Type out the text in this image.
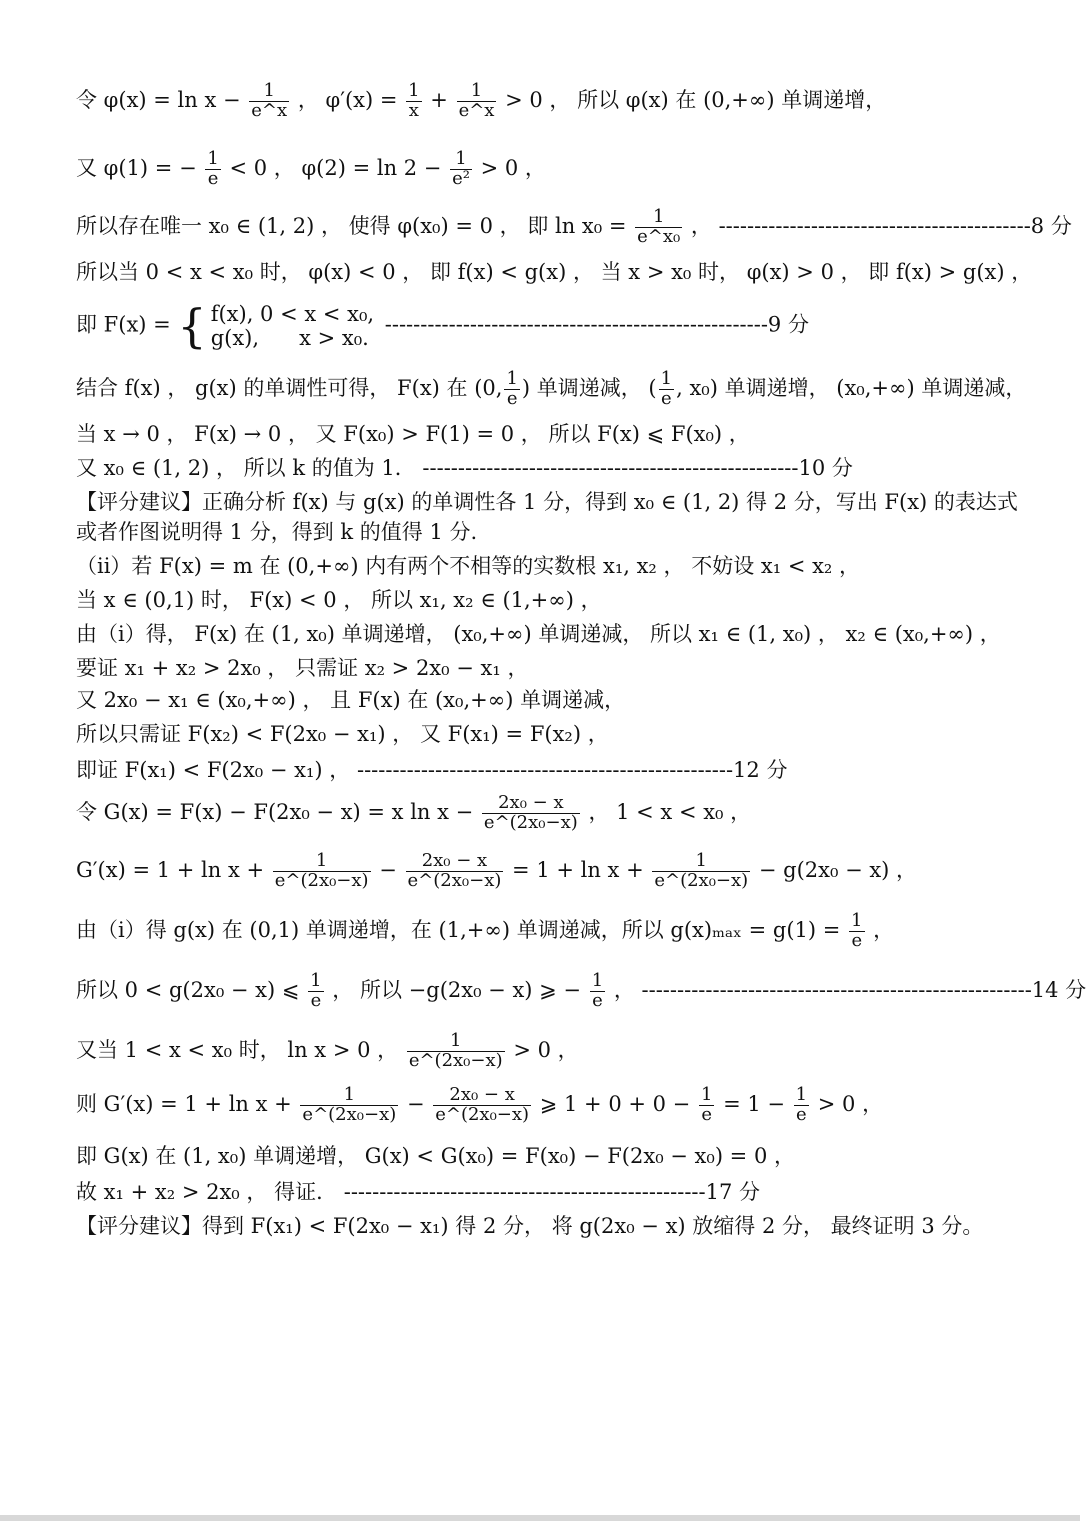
令 $\varphi(x) = \ln x - \frac{1}{e\^{}x}$ ， $\varphi'(x) = \frac{1}{x} + \frac{1}{e\^{}x} > 0$ ， 所以 φ(x) 在 (0,+∞) 单调递增，
又 φ(1) = − $\frac{1}{e} < 0$ ， $\varphi(2) = \ln 2 - \frac{1}{\text{e²}} > 0$ ，
所以存在唯一 x₀ ∈ (1, 2) ， 使得 φ(x₀) = 0 ， 即 $\ln x_0 = \frac{1}{\text{e\textasciicircum{}x₀}}$ ， --------------------------------------------8 分
所以当 0 < x < x₀ 时， φ(x) < 0 ， 即 f(x) < g(x) ， 当 x > x₀ 时， φ(x) > 0 ， 即 f(x) > g(x) ，
即 F(x) = { f(x), 0 < x < x₀,
g(x),      x > x₀.
------------------------------------------------------9 分
结合 f(x) ， g(x) 的单调性可得， F(x) 在 (0, $\frac{1}{e}$ ) 单调递减， ( $\frac{1}{e}$ , x₀) 单调递增， (x₀,+∞) 单调递减，
当 x → 0 ， F(x) → 0 ， 又 F(x₀) > F(1) = 0 ， 所以 F(x) ⩽ F(x₀) ，
又 x₀ ∈ (1, 2) ， 所以 k 的值为 1． -----------------------------------------------------10 分
【评分建议】正确分析 f(x) 与 g(x) 的单调性各 1 分，得到 x₀ ∈ (1, 2) 得 2 分，写出 F(x) 的表达式
或者作图说明得 1 分，得到 k 的值得 1 分.
（ii）若 F(x) = m 在 (0,+∞) 内有两个不相等的实数根 x₁, x₂ ， 不妨设 x₁ < x₂ ，
当 x ∈ (0,1) 时， F(x) < 0 ， 所以 x₁, x₂ ∈ (1,+∞) ，
由（i）得， F(x) 在 (1, x₀) 单调递增， (x₀,+∞) 单调递减， 所以 x₁ ∈ (1, x₀) ， x₂ ∈ (x₀,+∞) ，
要证 x₁ + x₂ > 2x₀ ， 只需证 x₂ > 2x₀ − x₁ ，
又 2x₀ − x₁ ∈ (x₀,+∞) ， 且 F(x) 在 (x₀,+∞) 单调递减，
所以只需证 F(x₂) < F(2x₀ − x₁) ， 又 F(x₁) = F(x₂) ，
即证 F(x₁) < F(2x₀ − x₁) ， -----------------------------------------------------12 分
令 G(x) = F(x) − F(2x₀ − x) = x $\ln x - \frac{\text{2x₀ − x}}{\text{e\textasciicircum{}(2x₀−x)}}$ ， 1 < x < x₀ ，
$G'(x) = 1 + \ln x + \frac{1}{\text{e\textasciicircum{}(2x₀−x)}} - \frac{\text{2x₀ − x}}{\text{e\textasciicircum{}(2x₀−x)}} = 1 + \ln x + \frac{1}{\text{e\textasciicircum{}(2x₀−x)}} - g(2x_0 - x)$ ，
由（i）得 g(x) 在 (0,1) 单调递增，在 (1,+∞) 单调递减，所以 $g(x)_{max} = g(1) = \frac{1}{e}$ ，
所以 0 < g(2x₀ − x) ⩽ $\frac{1}{e}$ ， 所以 −g(2x₀ − x) ⩾ − $\frac{1}{e}$ ， -------------------------------------------------------14 分
又当 1 < x < x₀ 时， ln x > 0 ， $\frac{1}{\text{e\textasciicircum{}(2x₀−x)}} > 0$ ，
则 $G'(x) = 1 + \ln x + \frac{1}{\text{e\textasciicircum{}(2x₀−x)}} - \frac{\text{2x₀ − x}}{\text{e\textasciicircum{}(2x₀−x)}}$ ⩾ $1 + 0 + 0 - \frac{1}{e} = 1 - \frac{1}{e} > 0$ ，
即 G(x) 在 (1, x₀) 单调递增， G(x) < G(x₀) = F(x₀) − F(2x₀ − x₀) = 0 ，
故 x₁ + x₂ > 2x₀ ， 得证． ---------------------------------------------------17 分
【评分建议】得到 F(x₁) < F(2x₀ − x₁) 得 2 分， 将 g(2x₀ − x) 放缩得 2 分， 最终证明 3 分。
